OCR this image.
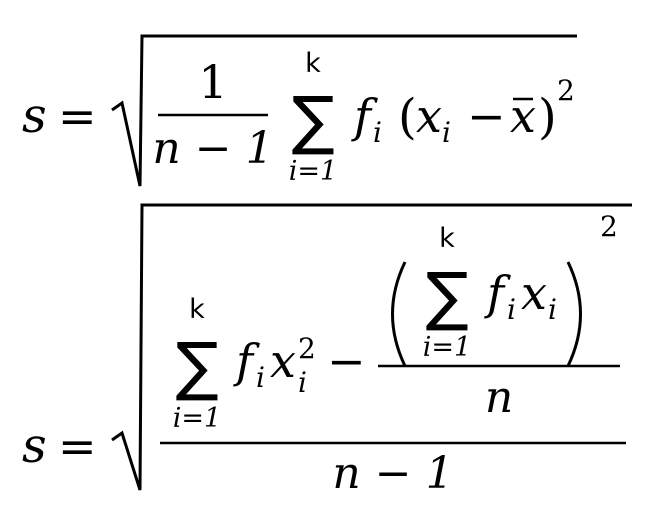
s =
1
n − 1
k
∑
i=1
f i ( x i − x ) 2
s =
k
∑
i=1
f i x 2
i −
k
∑
i=1
f i x i
2
n
n − 1
